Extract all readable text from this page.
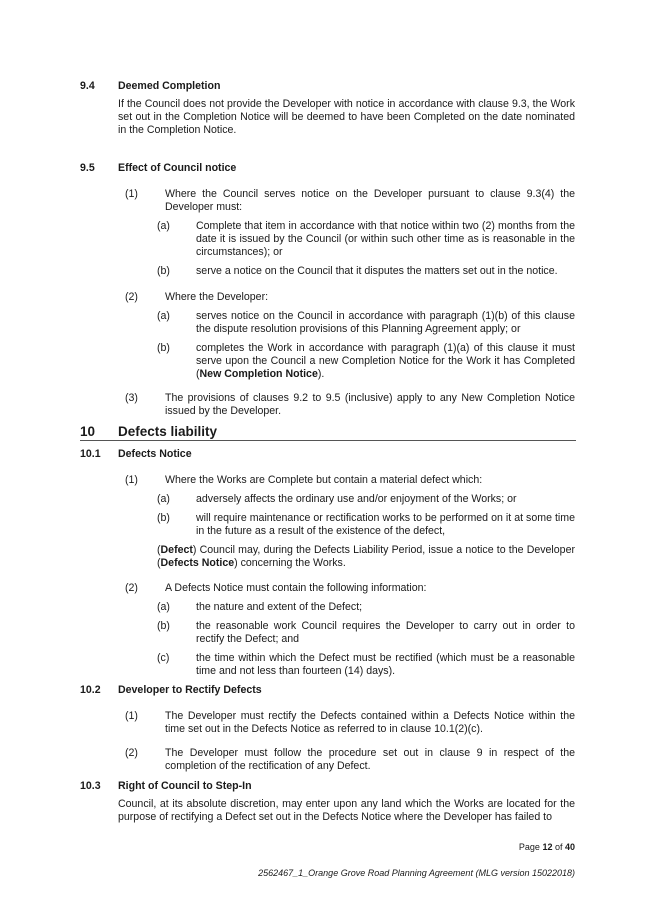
9.4 Deemed Completion
If the Council does not provide the Developer with notice in accordance with clause 9.3, the Work set out in the Completion Notice will be deemed to have been Completed on the date nominated in the Completion Notice.
9.5 Effect of Council notice
(1)	Where the Council serves notice on the Developer pursuant to clause 9.3(4) the Developer must:
(a) Complete that item in accordance with that notice within two (2) months from the date it is issued by the Council (or within such other time as is reasonable in the circumstances); or
(b) serve a notice on the Council that it disputes the matters set out in the notice.
(2)	Where the Developer:
(a) serves notice on the Council in accordance with paragraph (1)(b) of this clause the dispute resolution provisions of this Planning Agreement apply; or
(b) completes the Work in accordance with paragraph (1)(a) of this clause it must serve upon the Council a new Completion Notice for the Work it has Completed (New Completion Notice).
(3)	The provisions of clauses 9.2 to 9.5 (inclusive) apply to any New Completion Notice issued by the Developer.
10 Defects liability
10.1 Defects Notice
(1)	Where the Works are Complete but contain a material defect which:
(a) adversely affects the ordinary use and/or enjoyment of the Works; or
(b) will require maintenance or rectification works to be performed on it at some time in the future as a result of the existence of the defect,
(Defect) Council may, during the Defects Liability Period, issue a notice to the Developer (Defects Notice) concerning the Works.
(2)	A Defects Notice must contain the following information:
(a) the nature and extent of the Defect;
(b) the reasonable work Council requires the Developer to carry out in order to rectify the Defect; and
(c)	the time within which the Defect must be rectified (which must be a reasonable time and not less than fourteen (14) days).
10.2 Developer to Rectify Defects
(1)	The Developer must rectify the Defects contained within a Defects Notice within the time set out in the Defects Notice as referred to in clause 10.1(2)(c).
(2)	The Developer must follow the procedure set out in clause 9 in respect of the completion of the rectification of any Defect.
10.3 Right of Council to Step-In
Council, at its absolute discretion, may enter upon any land which the Works are located for the purpose of rectifying a Defect set out in the Defects Notice where the Developer has failed to
Page 12 of 40
2562467_1_Orange Grove Road Planning Agreement (MLG version 15022018)
